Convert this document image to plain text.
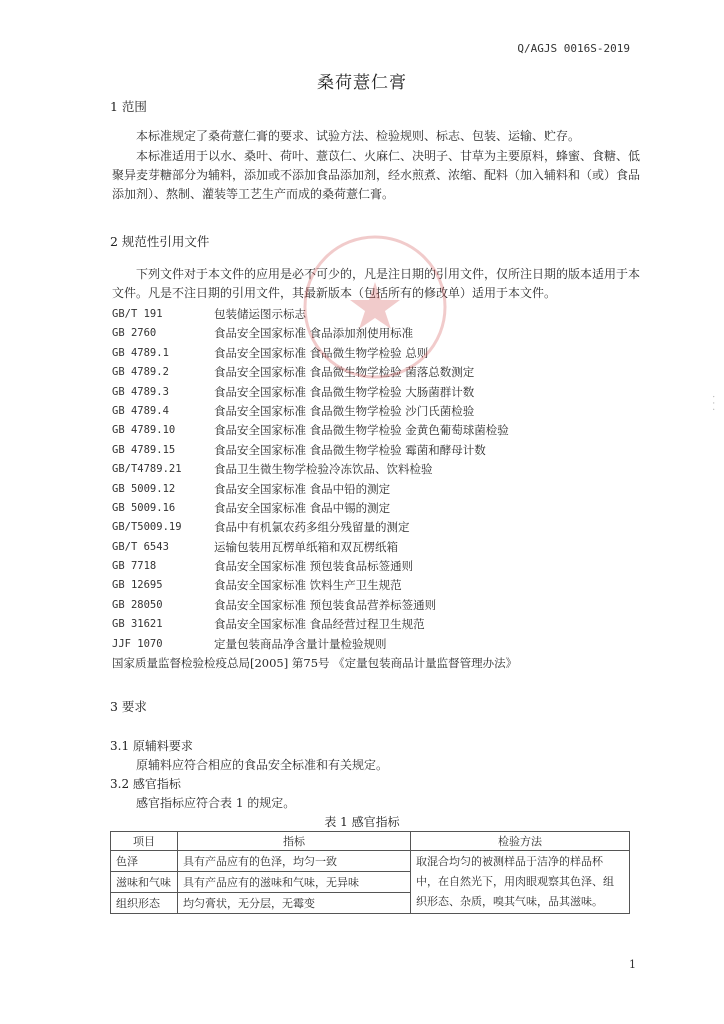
Q/AGJS 0016S-2019
桑荷薏仁膏
1 范围
本标准规定了桑荷薏仁膏的要求、试验方法、检验规则、标志、包装、运输、贮存。
本标准适用于以水、桑叶、荷叶、薏苡仁、火麻仁、决明子、甘草为主要原料，蜂蜜、食糖、低聚异麦芽糖部分为辅料，添加或不添加食品添加剂，经水煎煮、浓缩、配料（加入辅料和（或）食品添加剂）、熬制、灌装等工艺生产而成的桑荷薏仁膏。
2 规范性引用文件
下列文件对于本文件的应用是必不可少的，凡是注日期的引用文件，仅所注日期的版本适用于本文件。凡是不注日期的引用文件，其最新版本（包括所有的修改单）适用于本文件。
GB/T 191	包装储运图示标志
GB 2760	食品安全国家标准 食品添加剂使用标准
GB 4789.1	食品安全国家标准 食品微生物学检验 总则
GB 4789.2	食品安全国家标准 食品微生物学检验 菌落总数测定
GB 4789.3	食品安全国家标准 食品微生物学检验 大肠菌群计数
GB 4789.4	食品安全国家标准 食品微生物学检验 沙门氏菌检验
GB 4789.10	食品安全国家标准 食品微生物学检验 金黄色葡萄球菌检验
GB 4789.15	食品安全国家标准 食品微生物学检验 霉菌和酵母计数
GB/T4789.21	食品卫生微生物学检验冷冻饮品、饮料检验
GB 5009.12	食品安全国家标准 食品中铅的测定
GB 5009.16	食品安全国家标准 食品中锡的测定
GB/T5009.19	食品中有机氯农药多组分残留量的测定
GB/T 6543	运输包装用瓦楞单纸箱和双瓦楞纸箱
GB 7718	食品安全国家标准 预包装食品标签通则
GB 12695	食品安全国家标准 饮料生产卫生规范
GB 28050	食品安全国家标准 预包装食品营养标签通则
GB 31621	食品安全国家标准 食品经营过程卫生规范
JJF 1070	定量包装商品净含量计量检验规则
国家质量监督检验检疫总局[2005] 第75号 《定量包装商品计量监督管理办法》
3 要求
3.1 原辅料要求
原辅料应符合相应的食品安全标准和有关规定。
3.2 感官指标
感官指标应符合表 1 的规定。
表 1 感官指标
项目	指标	检验方法
色泽	具有产品应有的色泽，均匀一致	取混合均匀的被测样品于洁净的样品杯中，在自然光下，用肉眼观察其色泽、组织形态、杂质，嗅其气味，品其滋味。
滋味和气味	具有产品应有的滋味和气味，无异味	
组织形态	均匀膏状，无分层，无霉变	
1
· · ·
